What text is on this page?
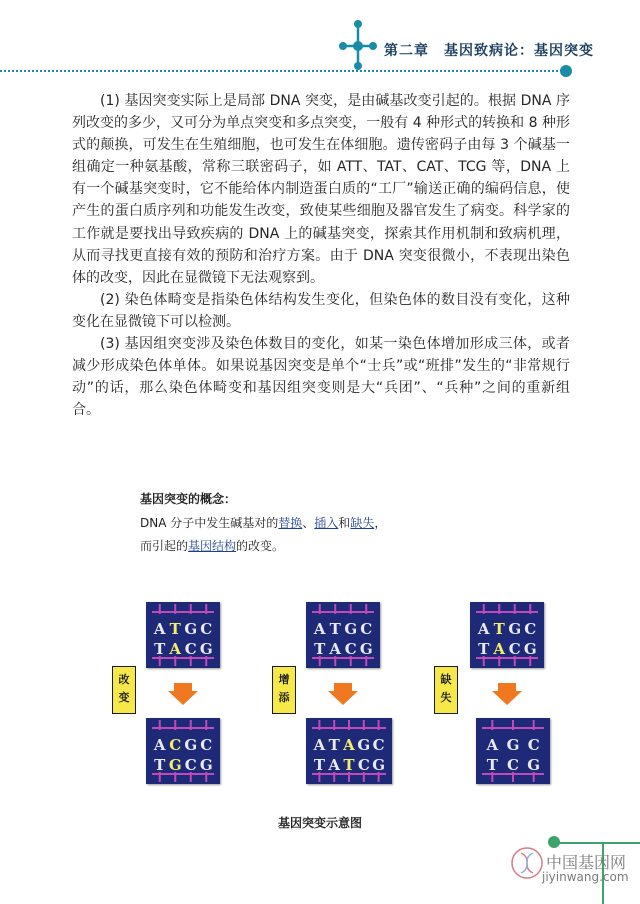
第二章　基因致病论：基因突变

(1) 基因突变实际上是局部 DNA 突变，是由碱基改变引起的。根据 DNA 序列改变的多少，又可分为单点突变和多点突变，一般有 4 种形式的转换和 8 种形式的颠换，可发生在生殖细胞，也可发生在体细胞。遗传密码子由每 3 个碱基一组确定一种氨基酸，常称三联密码子，如 ATT、TAT、CAT、TCG 等，DNA 上有一个碱基突变时，它不能给体内制造蛋白质的“工厂”输送正确的编码信息，使产生的蛋白质序列和功能发生改变，致使某些细胞及器官发生了病变。科学家的工作就是要找出导致疾病的 DNA 上的碱基突变，探索其作用机制和致病机理，从而寻找更直接有效的预防和治疗方案。由于 DNA 突变很微小，不表现出染色体的改变，因此在显微镜下无法观察到。

(2) 染色体畸变是指染色体结构发生变化，但染色体的数目没有变化，这种变化在显微镜下可以检测。

(3) 基因组突变涉及染色体数目的变化，如某一染色体增加形成三体，或者减少形成染色体单体。如果说基因突变是单个“士兵”或“班排”发生的“非常规行动”的话，那么染色体畸变和基因组突变则是大“兵团”、“兵种”之间的重新组合。

基因突变的概念：
DNA 分子中发生碱基对的替换、插入和缺失，
而引起的基因结构的改变。
A
T
T
A
G
C
C
G
改
变
A
T
C
G
G
C
C
G
A
T
T
A
G
C
C
G
增
添
A
T
T
A
A
T
G
C
C
G
A
T
T
A
G
C
C
G
缺
失
A
T
G
C
C
G
基因突变示意图
中国基因网
jiyinwang.com
